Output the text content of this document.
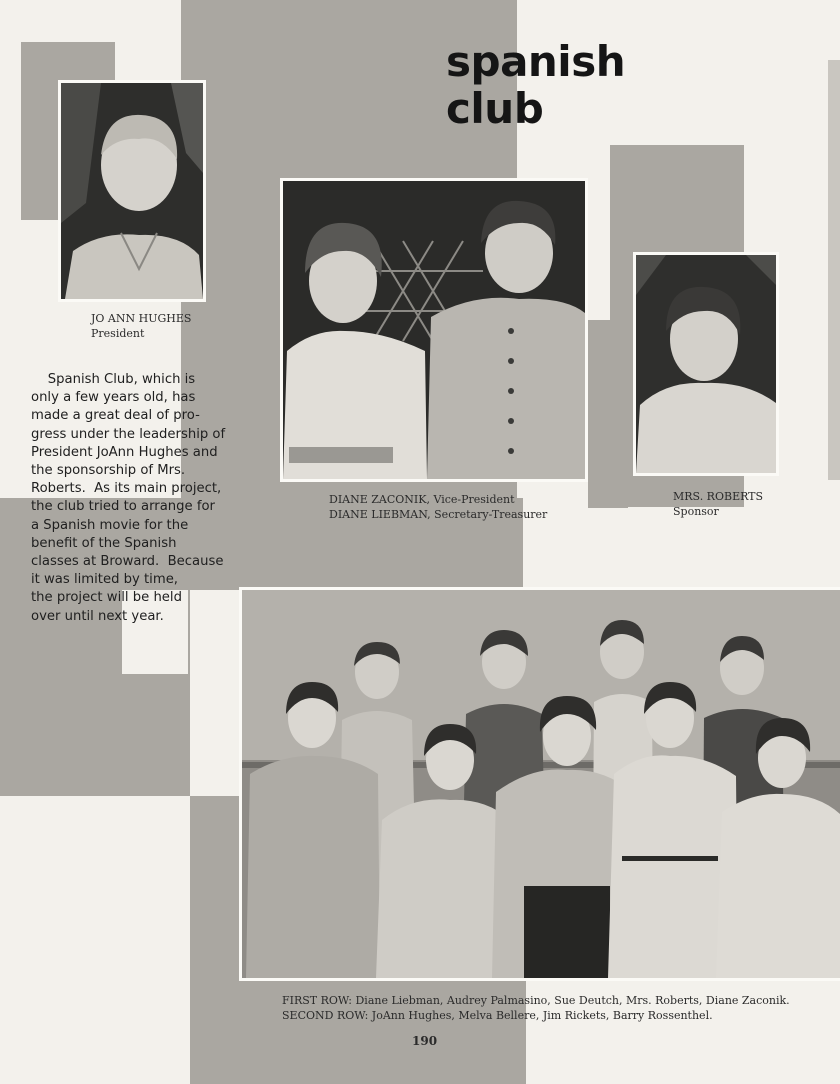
spanish
club
JO ANN HUGHES
President
DIANE ZACONIK, Vice-President
DIANE LIEBMAN, Secretary-Treasurer
MRS. ROBERTS
Sponsor
Spanish Club, which is
only a few years old, has
made a great deal of pro-
gress under the leadership of
President JoAnn Hughes and
the sponsorship of Mrs.
Roberts.  As its main project,
the club tried to arrange for
a Spanish movie for the
benefit of the Spanish
classes at Broward.  Because
it was limited by time,
the project will be held
over until next year.
FIRST ROW: Diane Liebman, Audrey Palmasino, Sue Deutch, Mrs. Roberts, Diane Zaconik.
SECOND ROW: JoAnn Hughes, Melva Bellere, Jim Rickets, Barry Rossenthel.
190
